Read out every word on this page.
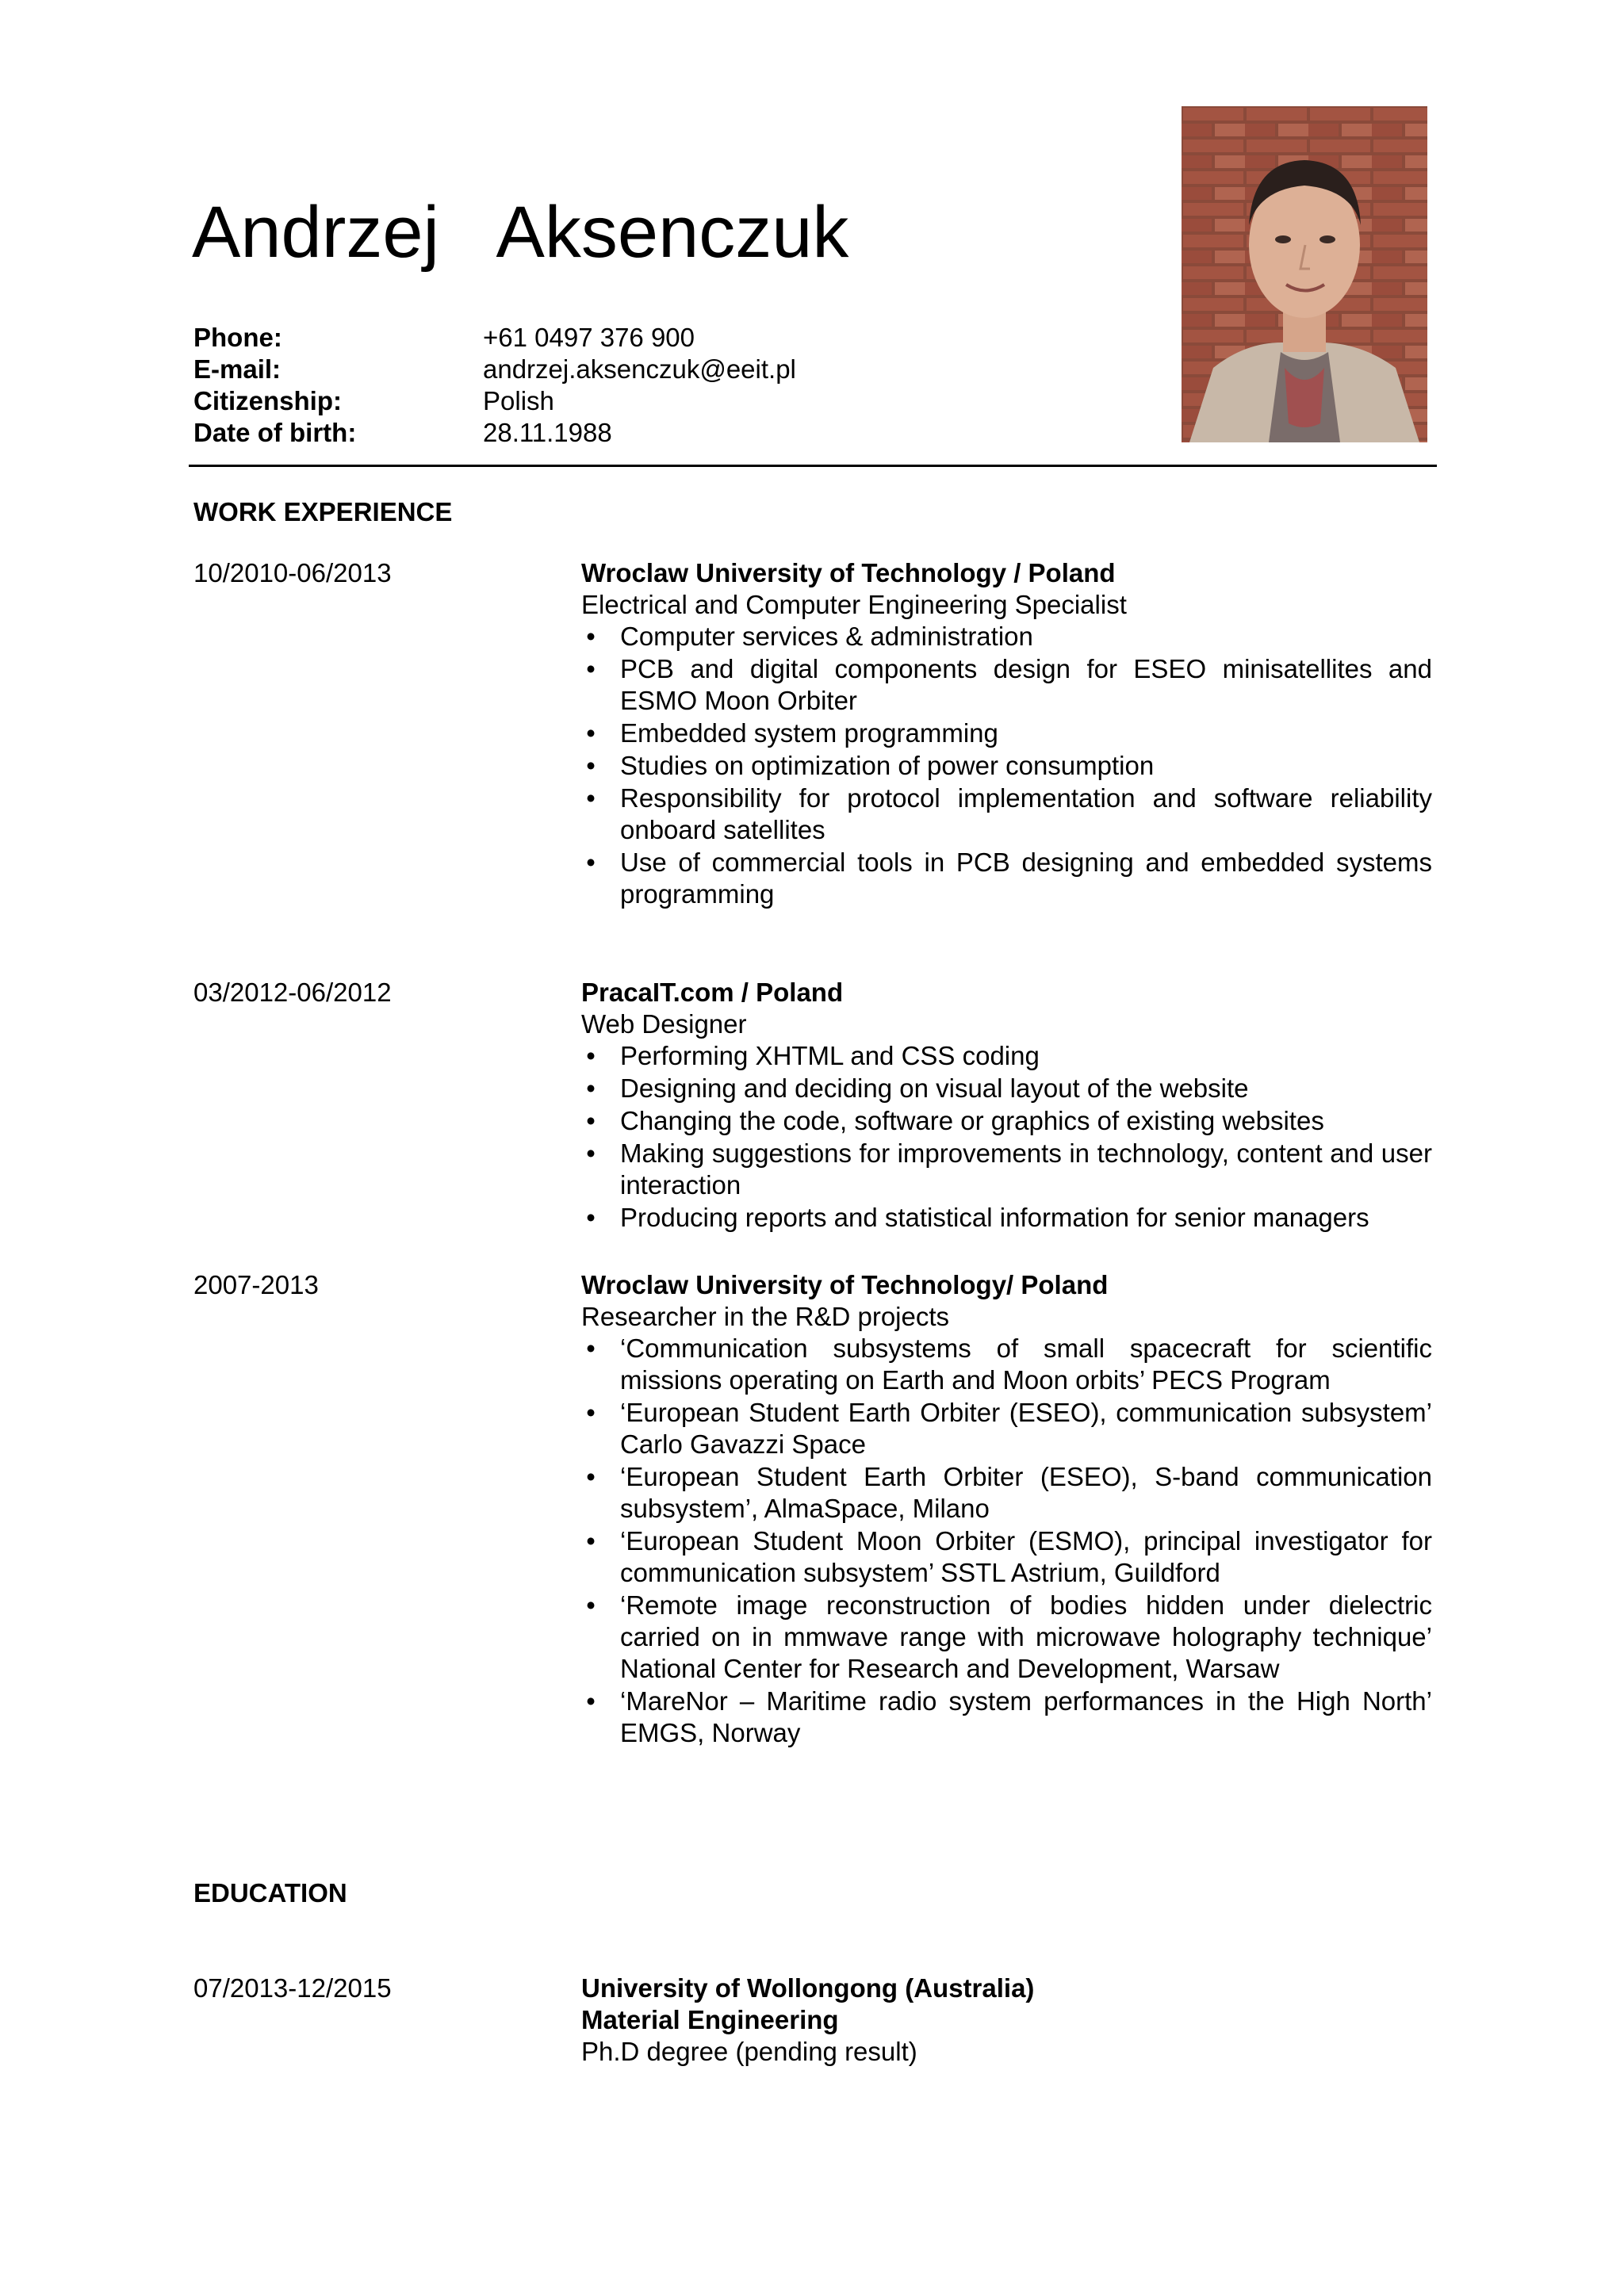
Andrzej   Aksenczuk
Phone:	+61 0497 376 900
E-mail:	andrzej.aksenczuk@eeit.pl
Citizenship:	Polish
Date of birth:	28.11.1988
WORK EXPERIENCE
10/2010-06/2013	Wroclaw University of Technology / Poland
Electrical and Computer Engineering Specialist
• Computer services & administration
• PCB and digital components design for ESEO minisatellites and ESMO Moon Orbiter
• Embedded system programming
• Studies on optimization of power consumption
• Responsibility for protocol implementation and software reliability onboard satellites
• Use of commercial tools in PCB designing and embedded systems programming
03/2012-06/2012	PracaIT.com / Poland
Web Designer
• Performing XHTML and CSS coding
• Designing and deciding on visual layout of the website
• Changing the code, software or graphics of existing websites
• Making suggestions for improvements in technology, content and user interaction
• Producing reports and statistical information for senior managers
2007-2013	Wroclaw University of Technology/ Poland
Researcher in the R&D projects
• ‘Communication subsystems of small spacecraft for scientific missions operating on Earth and Moon orbits’ PECS Program
• ‘European Student Earth Orbiter (ESEO), communication subsystem’ Carlo Gavazzi Space
• ‘European Student Earth Orbiter (ESEO), S-band communication subsystem’, AlmaSpace, Milano
• ‘European Student Moon Orbiter (ESMO), principal investigator for communication subsystem’ SSTL Astrium, Guildford
• ‘Remote image reconstruction of bodies hidden under dielectric carried on in mmwave range with microwave holography technique’ National Center for Research and Development, Warsaw
• ‘MareNor – Maritime radio system performances in the High North’ EMGS, Norway
EDUCATION
07/2013-12/2015	University of Wollongong (Australia)
Material Engineering
Ph.D degree (pending result)
